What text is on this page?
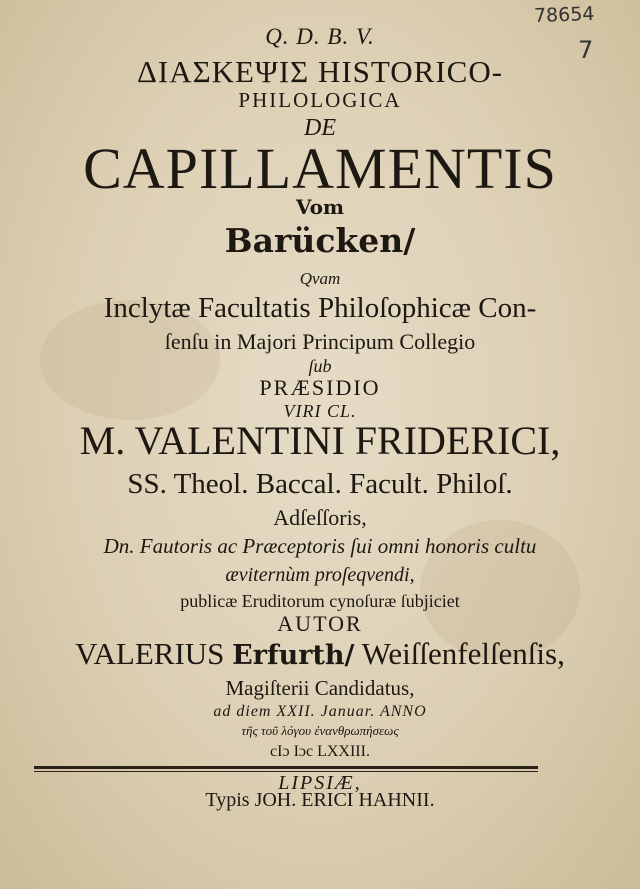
78654
7
Q. D. B. V.
ΔΙΑΣΚΕΨΙΣ HISTORICO-
PHILOLOGICA
DE
CAPILLAMENTIS
Vom
Barücken/
Qvam
Inclytæ Facultatis Philoſophicæ Con-
ſenſu in Majori Principum Collegio
ſub
PRÆSIDIO
VIRI CL.
M. VALENTINI FRIDERICI,
SS. Theol. Baccal. Facult. Philoſ.
Adſeſſoris,
Dn. Fautoris ac Præceptoris ſui omni honoris cultu
æviternùm proſeqvendi,
publicæ Eruditorum cynoſuræ ſubjiciet
AUTOR
VALERIUS Erfurth/ Weiſſenfelſenſis,
Magiſterii Candidatus,
ad diem XXII. Januar. ANNO
τῆς τοῦ λόγου ἐνανθρωπήσεως
cIɔ Iɔc LXXIII.
LIPSIÆ,
Typis JOH. ERICI HAHNII.
